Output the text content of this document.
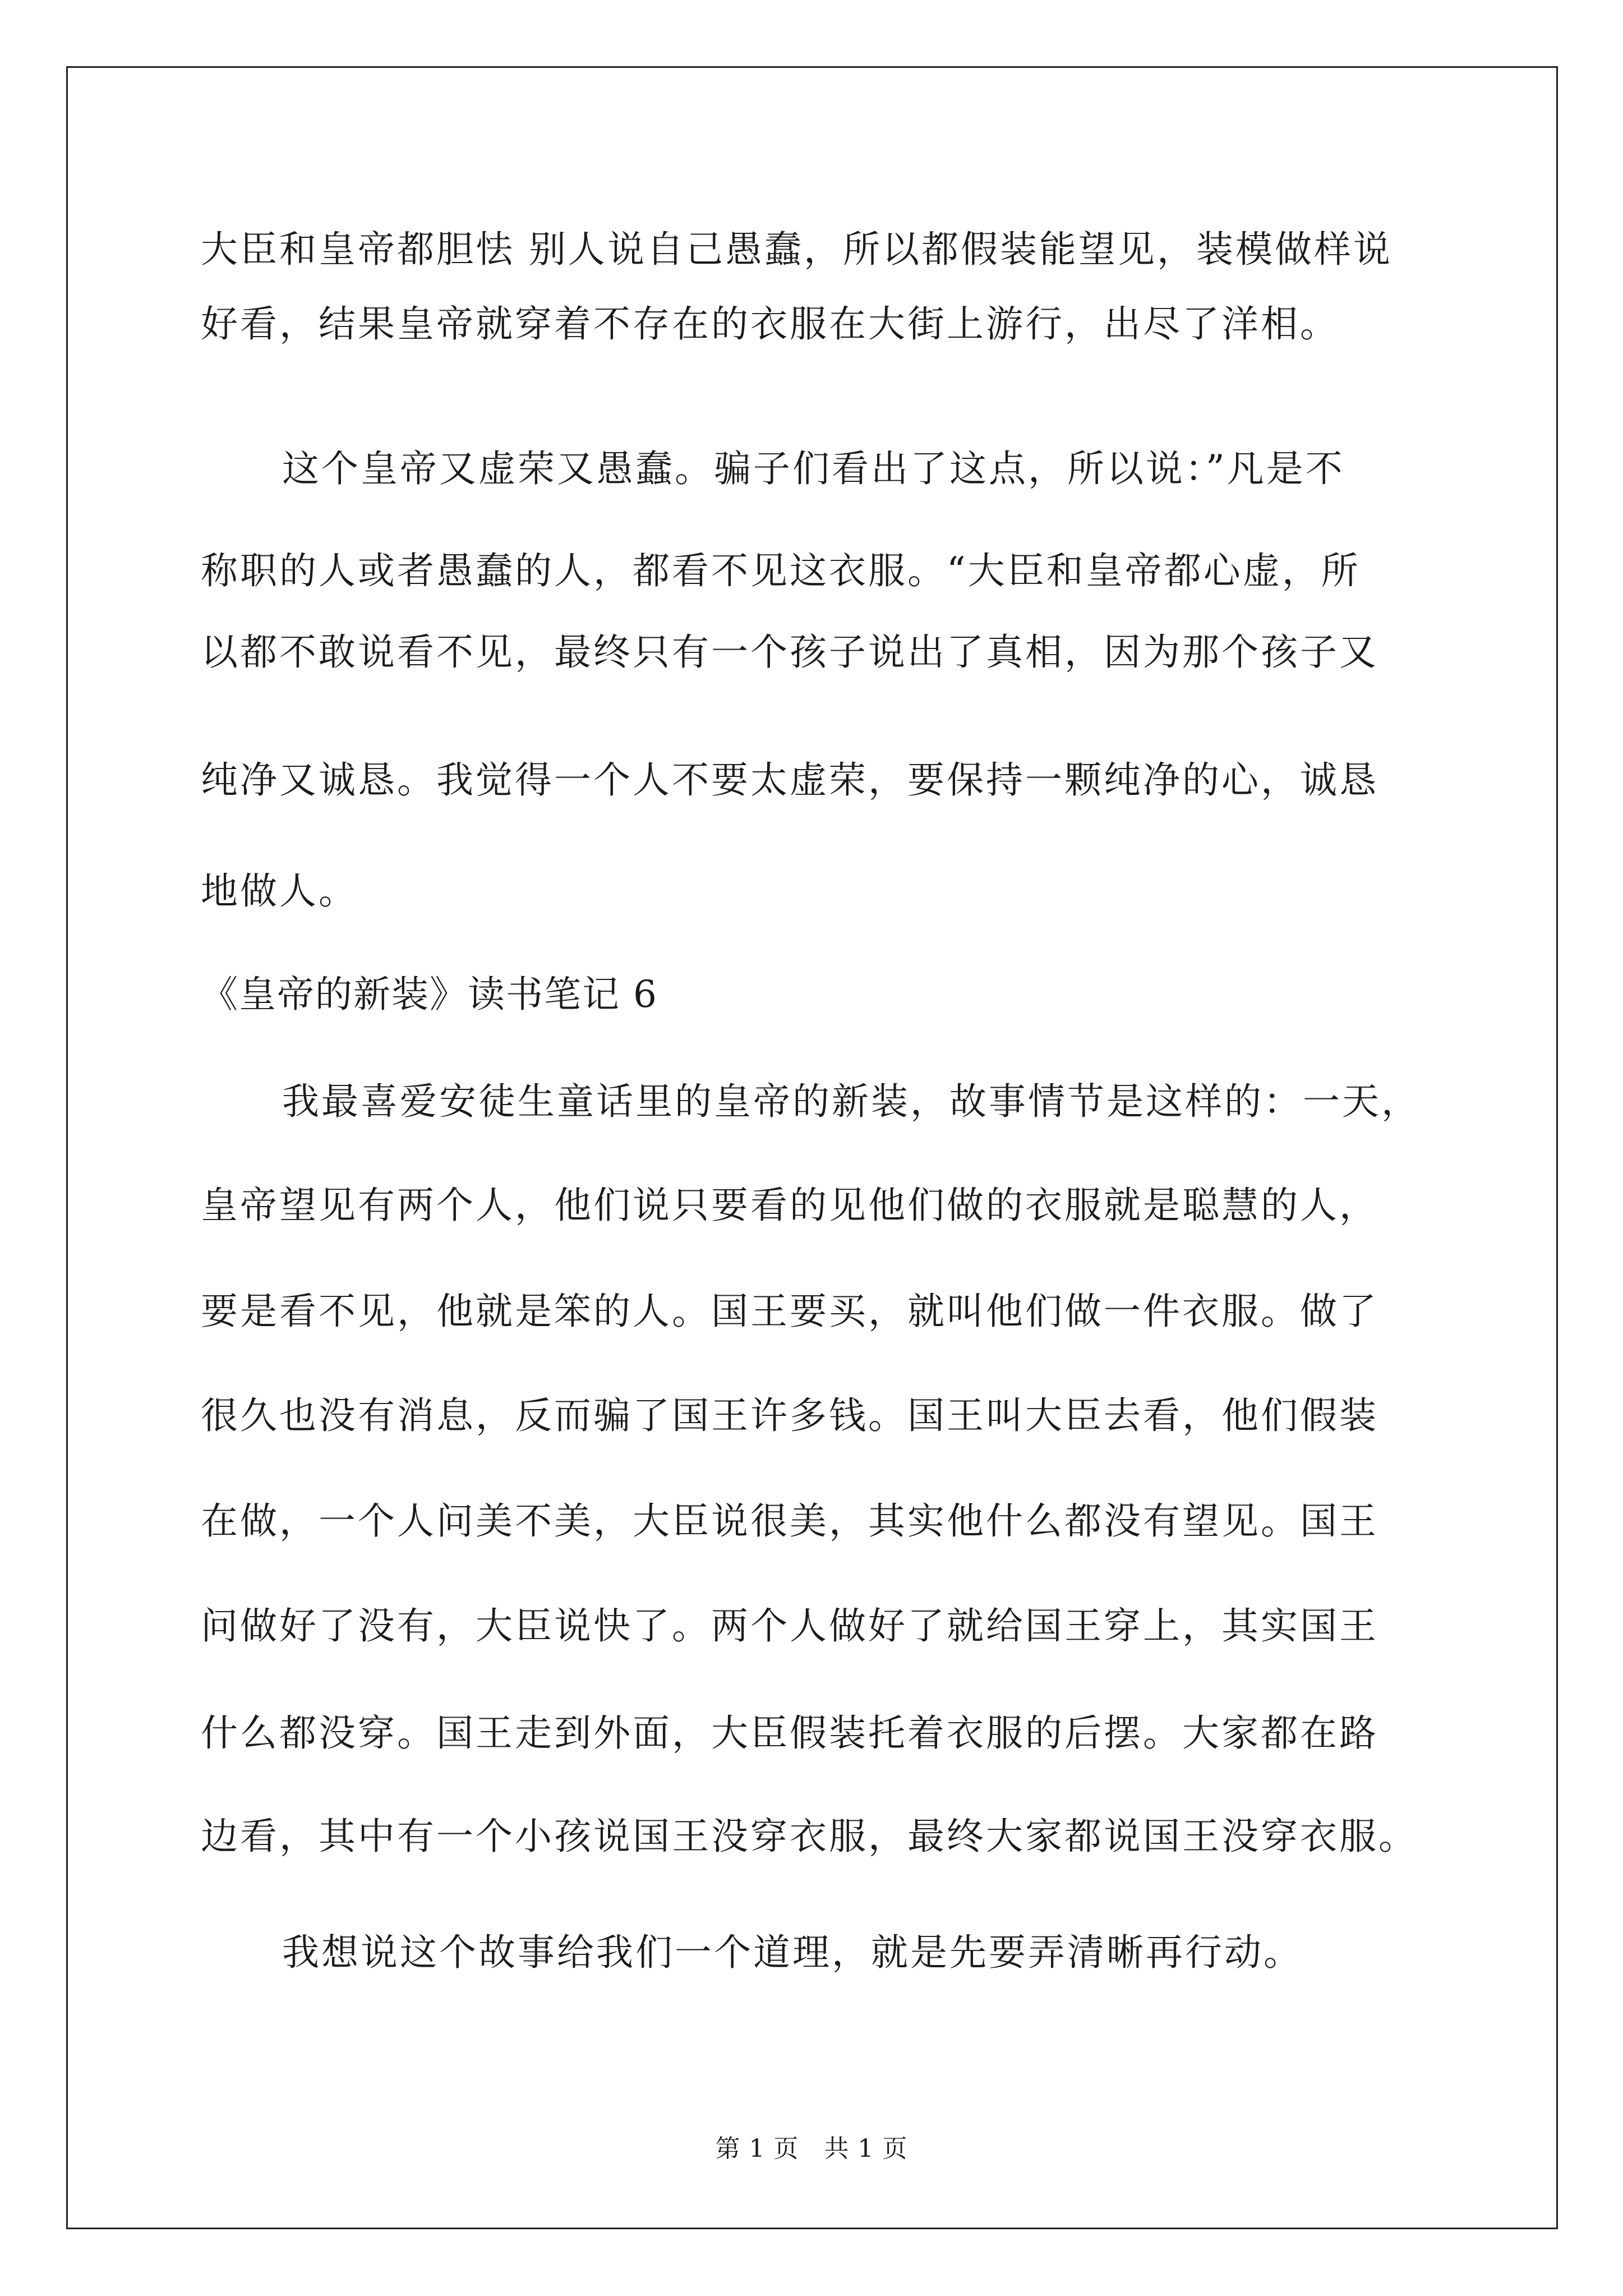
大臣和皇帝都胆怯 别人说自己愚蠢，所以都假装能望见，装模做样说
好看，结果皇帝就穿着不存在的衣服在大街上游行，出尽了洋相。
这个皇帝又虚荣又愚蠢。骗子们看出了这点，所以说：”凡是不
称职的人或者愚蠢的人，都看不见这衣服。“大臣和皇帝都心虚，所
以都不敢说看不见，最终只有一个孩子说出了真相，因为那个孩子又
纯净又诚恳。我觉得一个人不要太虚荣，要保持一颗纯净的心，诚恳
地做人。
《皇帝的新装》读书笔记 6
我最喜爱安徒生童话里的皇帝的新装，故事情节是这样的：一天，
皇帝望见有两个人，他们说只要看的见他们做的衣服就是聪慧的人，
要是看不见，他就是笨的人。国王要买，就叫他们做一件衣服。做了
很久也没有消息，反而骗了国王许多钱。国王叫大臣去看，他们假装
在做，一个人问美不美，大臣说很美，其实他什么都没有望见。国王
问做好了没有，大臣说快了。两个人做好了就给国王穿上，其实国王
什么都没穿。国王走到外面，大臣假装托着衣服的后摆。大家都在路
边看，其中有一个小孩说国王没穿衣服，最终大家都说国王没穿衣服。
我想说这个故事给我们一个道理，就是先要弄清晰再行动。
第 1 页　共 1 页
